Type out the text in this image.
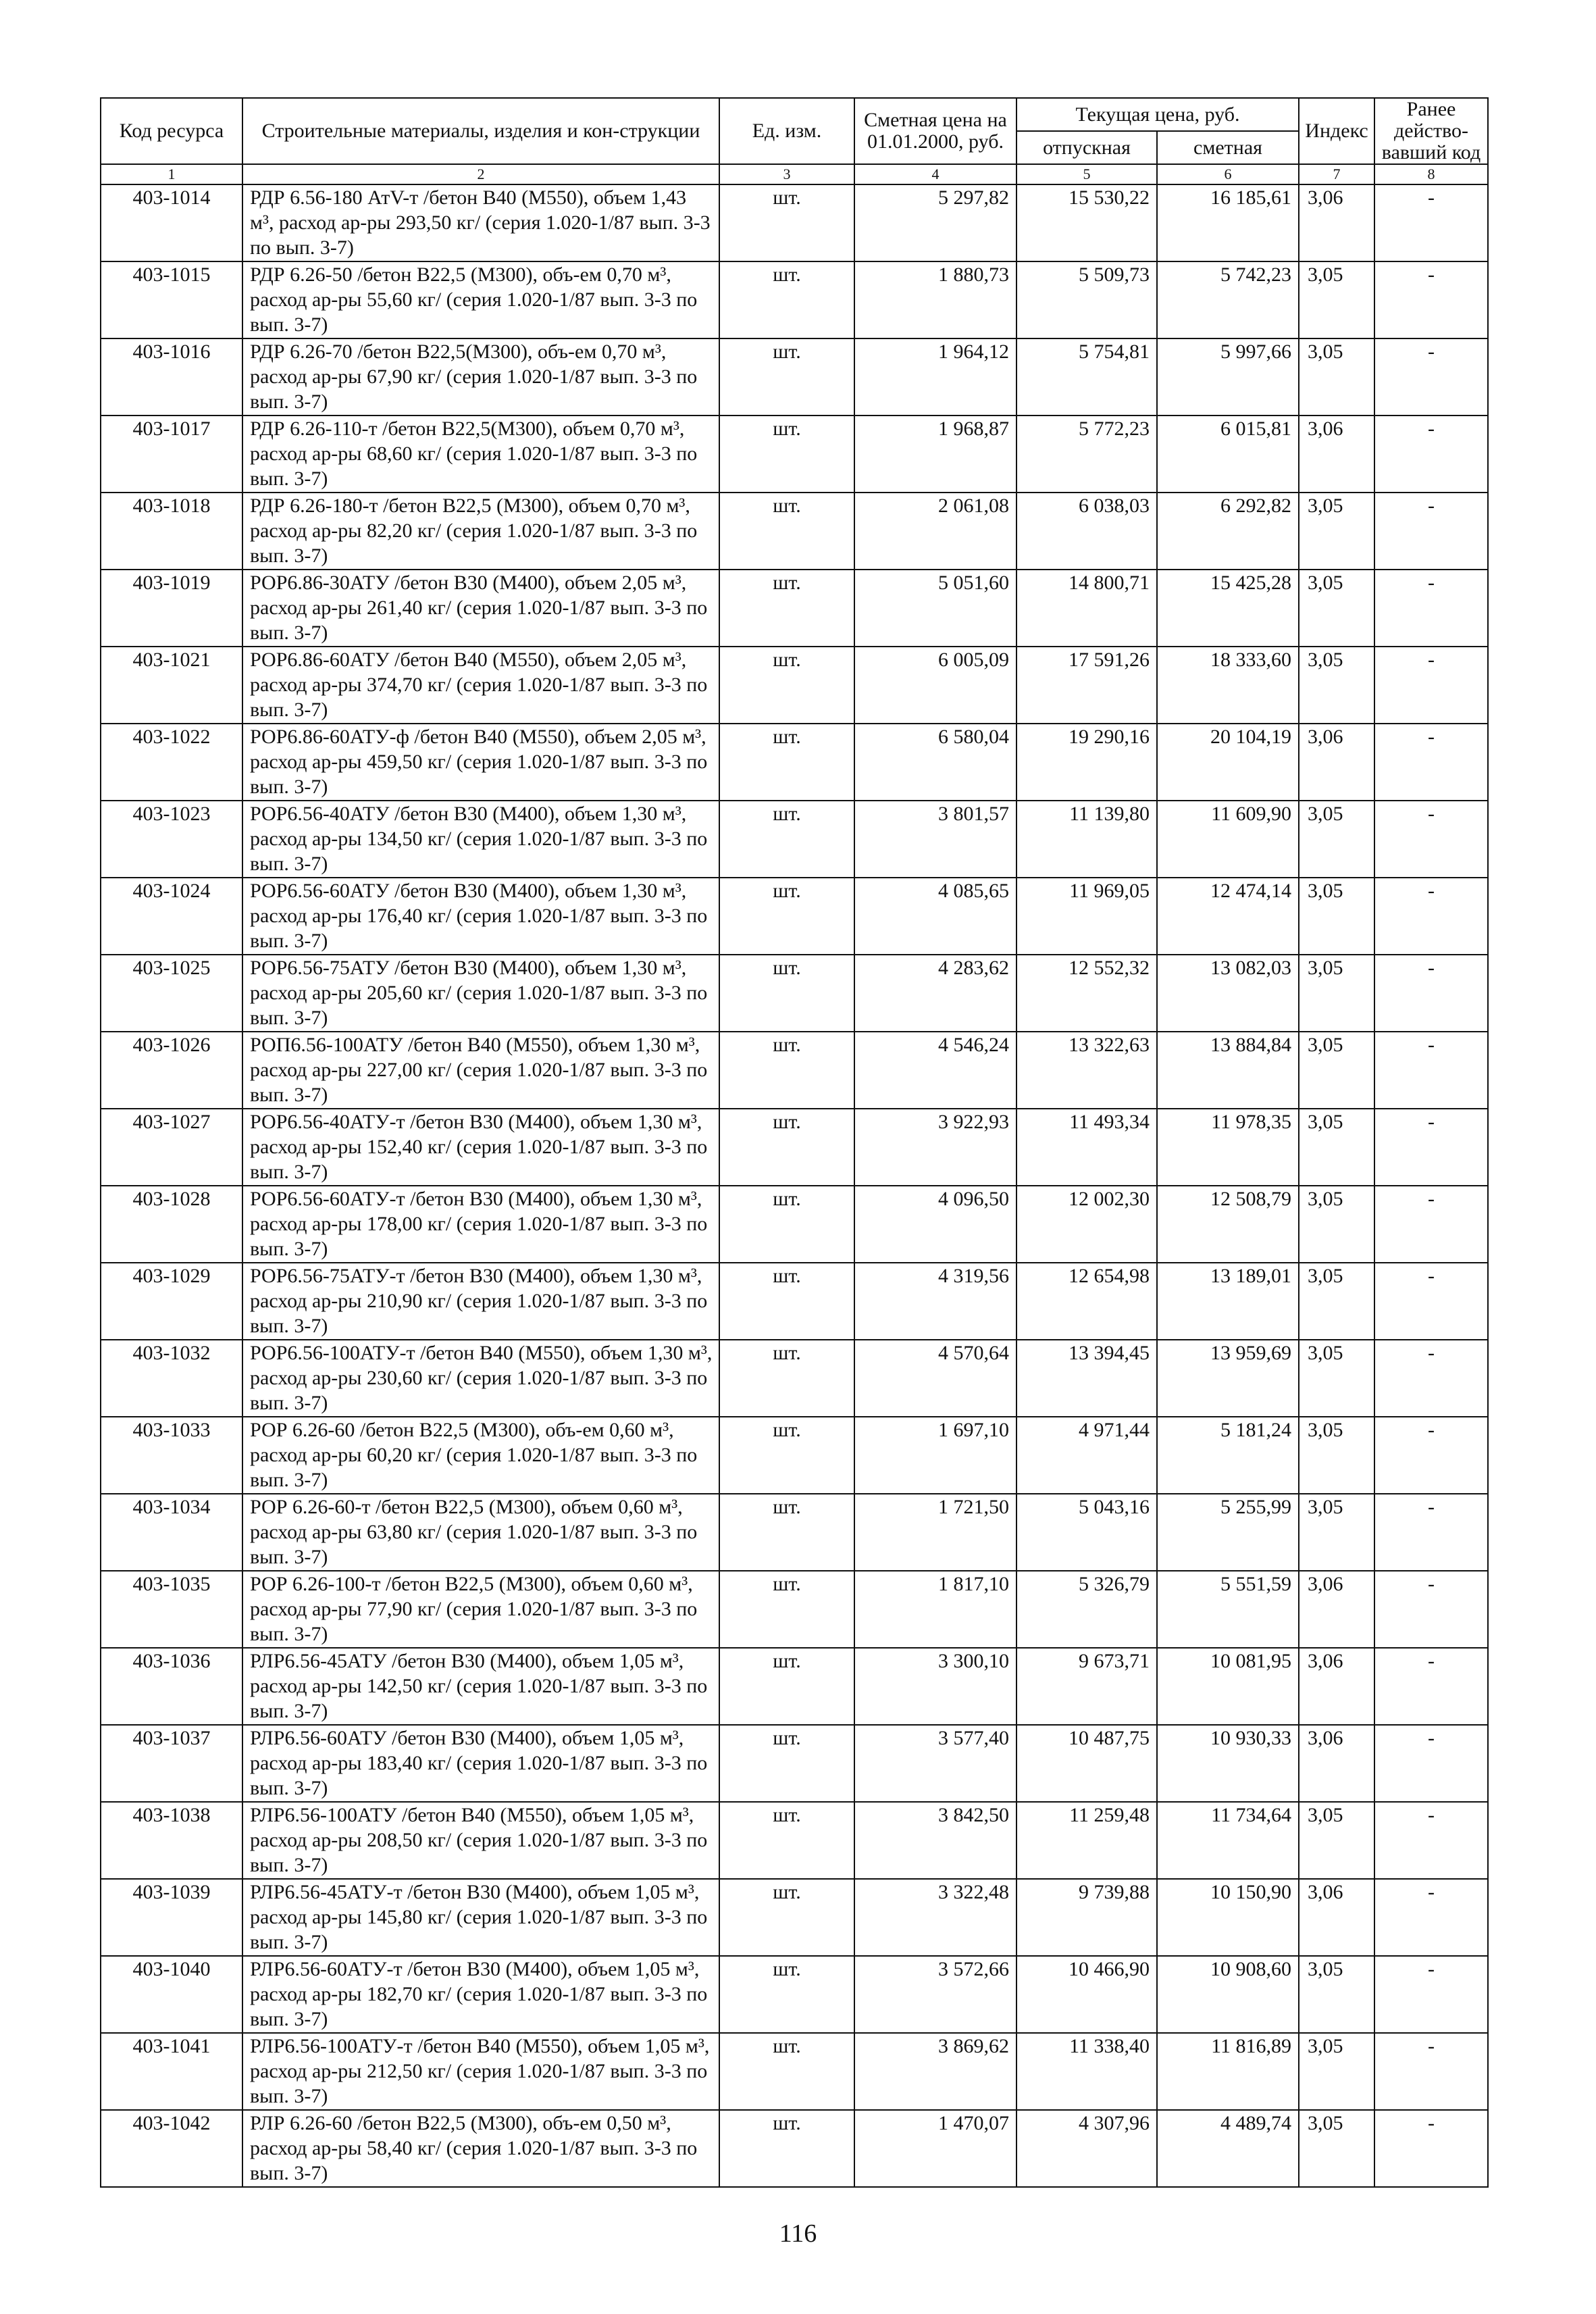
Код ресурса	Строительные материалы, изделия и кон-струкции	Ед. изм.	Сметная цена на 01.01.2000, руб.	Текущая цена, руб.		Индекс	Ранее действо-вавший код
				отпускная	сметная		
1	2	3	4	5	6	7	8
403-1014	РДР 6.56-180 АтV-т /бетон В40 (М550), объем 1,43 м³, расход ар-ры 293,50 кг/ (серия 1.020-1/87 вып. 3-3 по вып. 3-7)	шт.	5 297,82	15 530,22	16 185,61	3,06	-
403-1015	РДР 6.26-50 /бетон В22,5 (М300), объ-ем 0,70 м³, расход ар-ры 55,60 кг/ (серия 1.020-1/87 вып. 3-3 по вып. 3-7)	шт.	1 880,73	5 509,73	5 742,23	3,05	-
403-1016	РДР 6.26-70 /бетон В22,5(М300), объ-ем 0,70 м³, расход ар-ры 67,90 кг/ (серия 1.020-1/87 вып. 3-3 по вып. 3-7)	шт.	1 964,12	5 754,81	5 997,66	3,05	-
403-1017	РДР 6.26-110-т /бетон В22,5(М300), объем 0,70 м³, расход ар-ры 68,60 кг/ (серия 1.020-1/87 вып. 3-3 по вып. 3-7)	шт.	1 968,87	5 772,23	6 015,81	3,06	-
403-1018	РДР 6.26-180-т /бетон В22,5 (М300), объем 0,70 м³, расход ар-ры 82,20 кг/ (серия 1.020-1/87 вып. 3-3 по вып. 3-7)	шт.	2 061,08	6 038,03	6 292,82	3,05	-
403-1019	РОР6.86-30АТУ /бетон В30 (М400), объем 2,05 м³, расход ар-ры 261,40 кг/ (серия 1.020-1/87 вып. 3-3 по вып. 3-7)	шт.	5 051,60	14 800,71	15 425,28	3,05	-
403-1021	РОР6.86-60АТУ /бетон В40 (М550), объем 2,05 м³, расход ар-ры 374,70 кг/ (серия 1.020-1/87 вып. 3-3 по вып. 3-7)	шт.	6 005,09	17 591,26	18 333,60	3,05	-
403-1022	РОР6.86-60АТУ-ф /бетон В40 (М550), объем 2,05 м³, расход ар-ры 459,50 кг/ (серия 1.020-1/87 вып. 3-3 по вып. 3-7)	шт.	6 580,04	19 290,16	20 104,19	3,06	-
403-1023	РОР6.56-40АТУ /бетон В30 (М400), объем 1,30 м³, расход ар-ры 134,50 кг/ (серия 1.020-1/87 вып. 3-3 по вып. 3-7)	шт.	3 801,57	11 139,80	11 609,90	3,05	-
403-1024	РОР6.56-60АТУ /бетон В30 (М400), объем 1,30 м³, расход ар-ры 176,40 кг/ (серия 1.020-1/87 вып. 3-3 по вып. 3-7)	шт.	4 085,65	11 969,05	12 474,14	3,05	-
403-1025	РОР6.56-75АТУ /бетон В30 (М400), объем 1,30 м³, расход ар-ры 205,60 кг/ (серия 1.020-1/87 вып. 3-3 по вып. 3-7)	шт.	4 283,62	12 552,32	13 082,03	3,05	-
403-1026	РОП6.56-100АТУ /бетон В40 (М550), объем 1,30 м³, расход ар-ры 227,00 кг/ (серия 1.020-1/87 вып. 3-3 по вып. 3-7)	шт.	4 546,24	13 322,63	13 884,84	3,05	-
403-1027	РОР6.56-40АТУ-т /бетон В30 (М400), объем 1,30 м³, расход ар-ры 152,40 кг/ (серия 1.020-1/87 вып. 3-3 по вып. 3-7)	шт.	3 922,93	11 493,34	11 978,35	3,05	-
403-1028	РОР6.56-60АТУ-т /бетон В30 (М400), объем 1,30 м³, расход ар-ры 178,00 кг/ (серия 1.020-1/87 вып. 3-3 по вып. 3-7)	шт.	4 096,50	12 002,30	12 508,79	3,05	-
403-1029	РОР6.56-75АТУ-т /бетон В30 (М400), объем 1,30 м³, расход ар-ры 210,90 кг/ (серия 1.020-1/87 вып. 3-3 по вып. 3-7)	шт.	4 319,56	12 654,98	13 189,01	3,05	-
403-1032	РОР6.56-100АТУ-т /бетон В40 (М550), объем 1,30 м³, расход ар-ры 230,60 кг/ (серия 1.020-1/87 вып. 3-3 по вып. 3-7)	шт.	4 570,64	13 394,45	13 959,69	3,05	-
403-1033	РОР 6.26-60 /бетон В22,5 (М300), объ-ем 0,60 м³, расход ар-ры 60,20 кг/ (серия 1.020-1/87 вып. 3-3 по вып. 3-7)	шт.	1 697,10	4 971,44	5 181,24	3,05	-
403-1034	РОР 6.26-60-т /бетон В22,5 (М300), объем 0,60 м³, расход ар-ры 63,80 кг/ (серия 1.020-1/87 вып. 3-3 по вып. 3-7)	шт.	1 721,50	5 043,16	5 255,99	3,05	-
403-1035	РОР 6.26-100-т /бетон В22,5 (М300), объем 0,60 м³, расход ар-ры 77,90 кг/ (серия 1.020-1/87 вып. 3-3 по вып. 3-7)	шт.	1 817,10	5 326,79	5 551,59	3,06	-
403-1036	РЛР6.56-45АТУ /бетон В30 (М400), объем 1,05 м³, расход ар-ры 142,50 кг/ (серия 1.020-1/87 вып. 3-3 по вып. 3-7)	шт.	3 300,10	9 673,71	10 081,95	3,06	-
403-1037	РЛР6.56-60АТУ /бетон В30 (М400), объем 1,05 м³, расход ар-ры 183,40 кг/ (серия 1.020-1/87 вып. 3-3 по вып. 3-7)	шт.	3 577,40	10 487,75	10 930,33	3,06	-
403-1038	РЛР6.56-100АТУ /бетон В40 (М550), объем 1,05 м³, расход ар-ры 208,50 кг/ (серия 1.020-1/87 вып. 3-3 по вып. 3-7)	шт.	3 842,50	11 259,48	11 734,64	3,05	-
403-1039	РЛР6.56-45АТУ-т /бетон В30 (М400), объем 1,05 м³, расход ар-ры 145,80 кг/ (серия 1.020-1/87 вып. 3-3 по вып. 3-7)	шт.	3 322,48	9 739,88	10 150,90	3,06	-
403-1040	РЛР6.56-60АТУ-т /бетон В30 (М400), объем 1,05 м³, расход ар-ры 182,70 кг/ (серия 1.020-1/87 вып. 3-3 по вып. 3-7)	шт.	3 572,66	10 466,90	10 908,60	3,05	-
403-1041	РЛР6.56-100АТУ-т /бетон В40 (М550), объем 1,05 м³, расход ар-ры 212,50 кг/ (серия 1.020-1/87 вып. 3-3 по вып. 3-7)	шт.	3 869,62	11 338,40	11 816,89	3,05	-
403-1042	РЛР 6.26-60 /бетон В22,5 (М300), объ-ем 0,50 м³, расход ар-ры 58,40 кг/ (серия 1.020-1/87 вып. 3-3 по вып. 3-7)	шт.	1 470,07	4 307,96	4 489,74	3,05	-
116
